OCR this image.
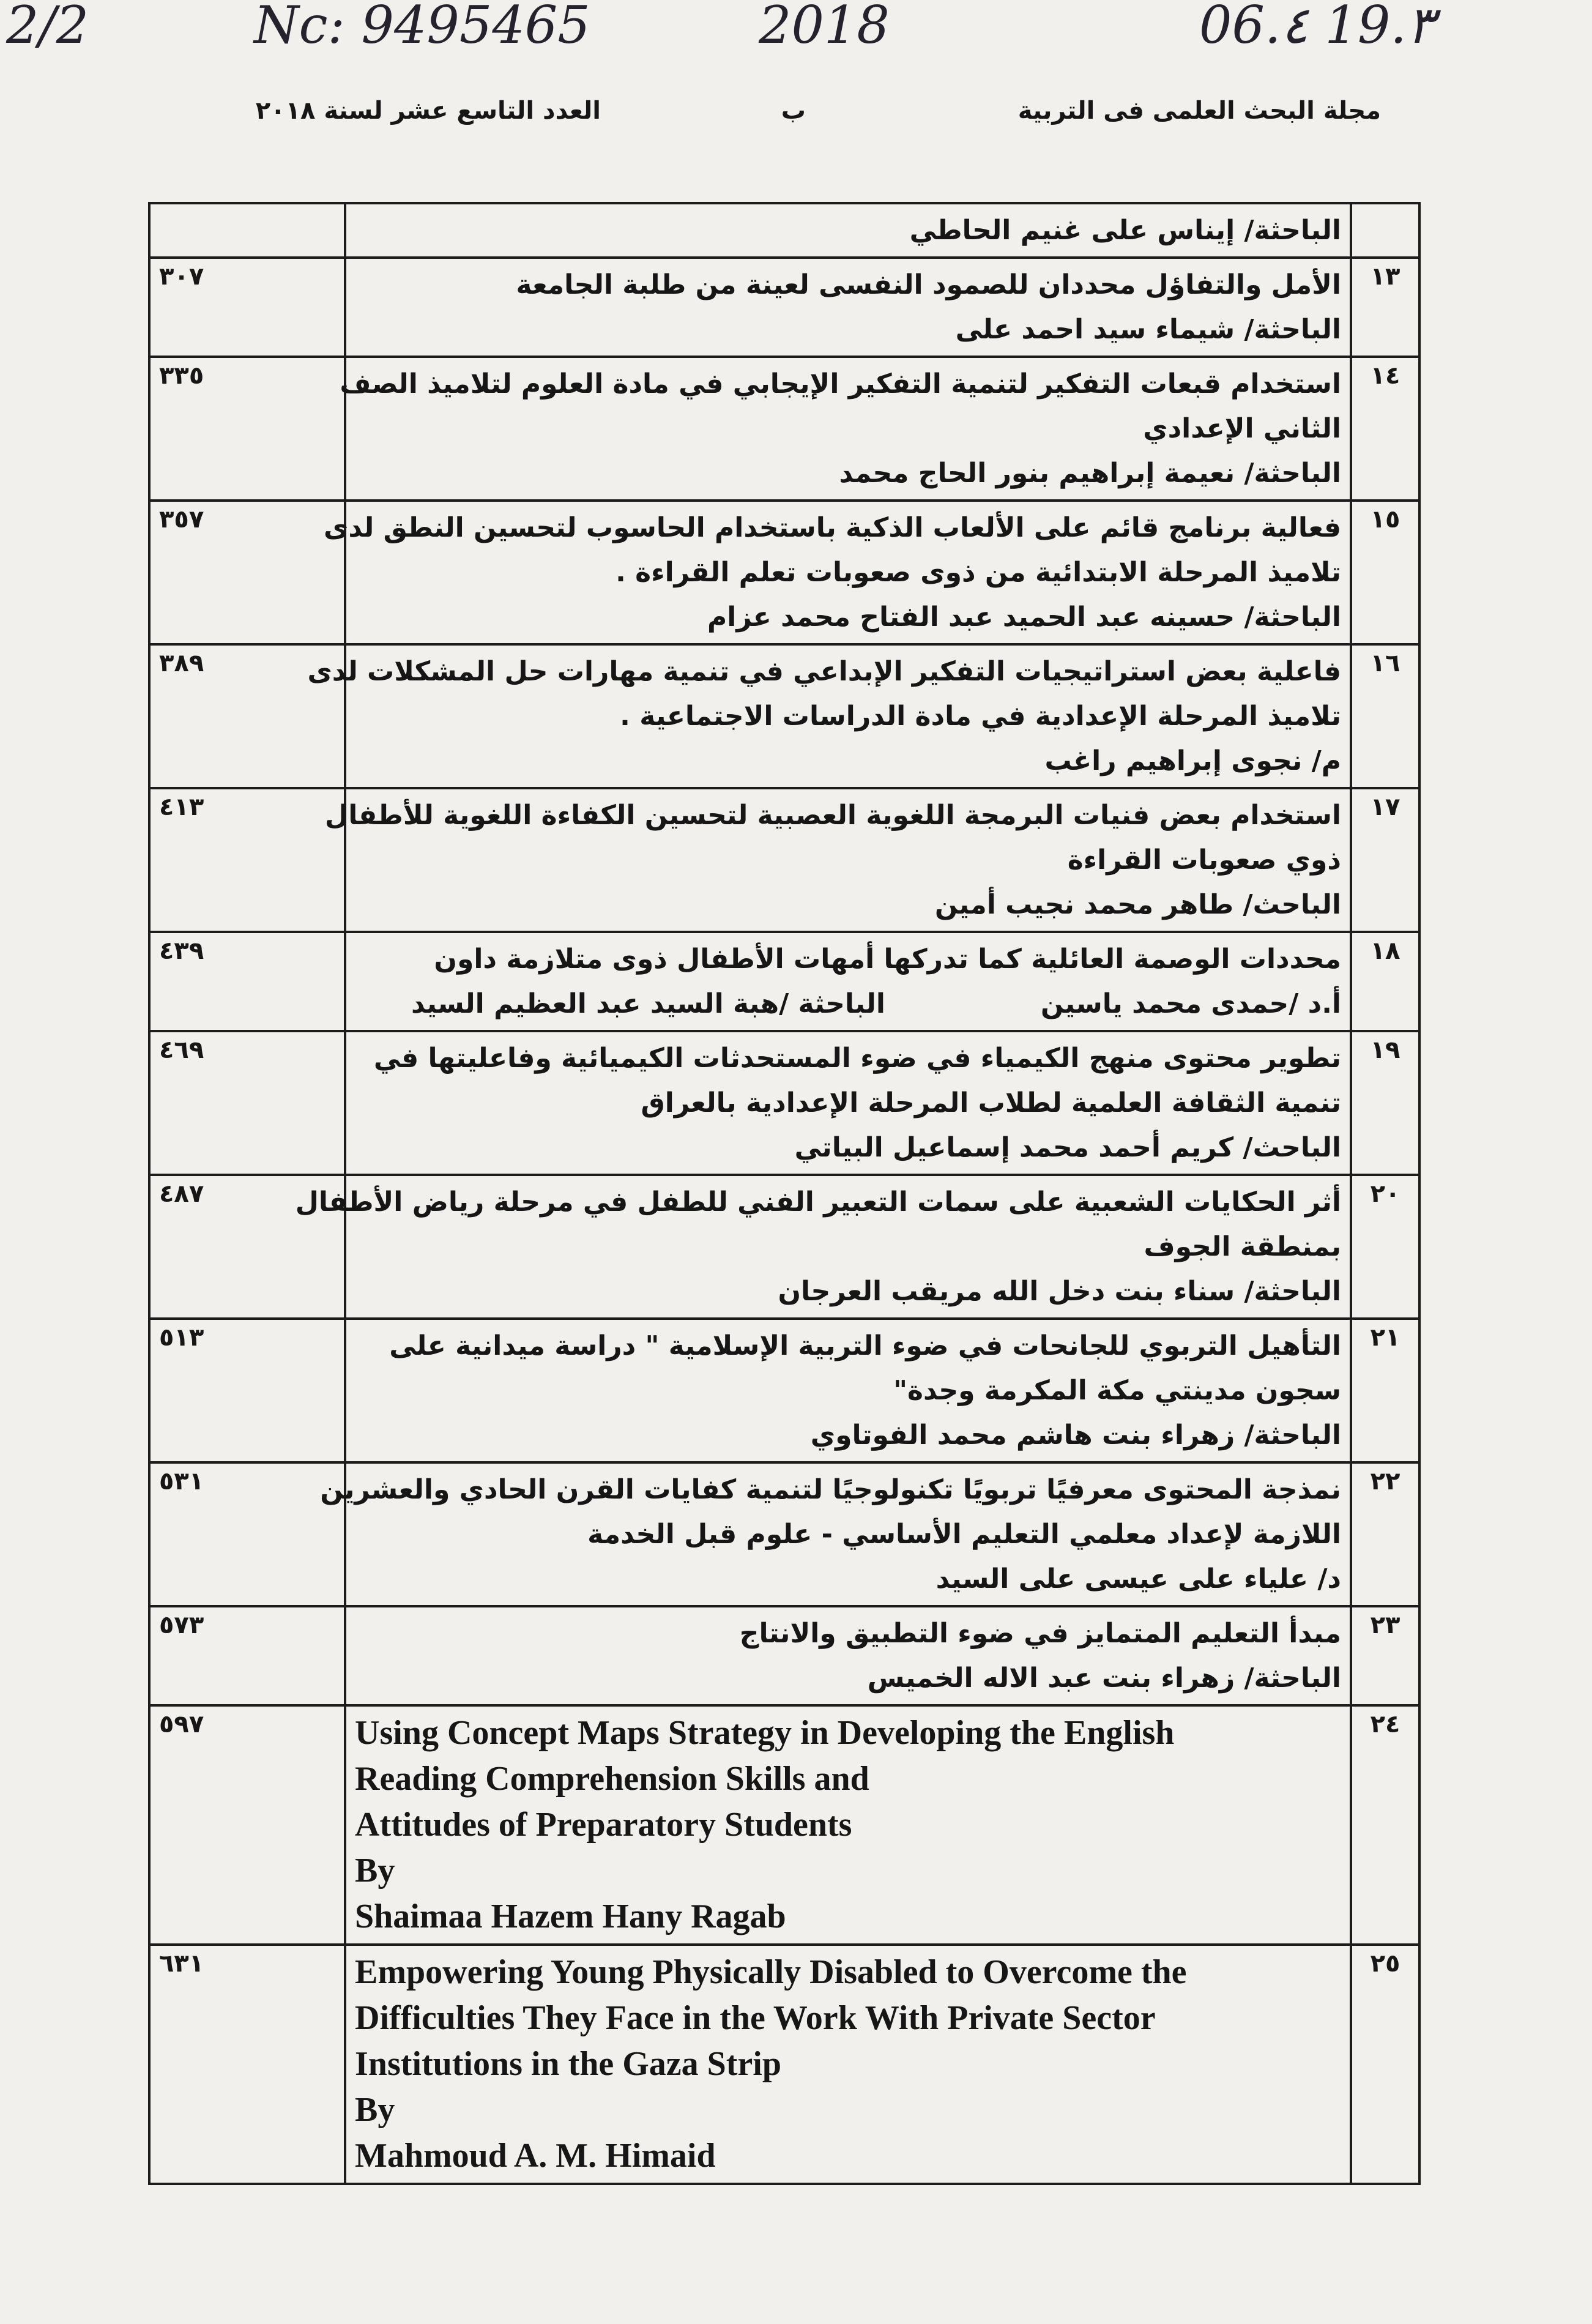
2/2	Nc: 9495465	2018	06.٤ 19.٣
مجلة البحث العلمى فى التربية
ب
العدد التاسع عشر لسنة ٢٠١٨

	الباحثة/ إيناس على غنيم الحاطي	

١٣	الأمل والتفاؤل محددان للصمود النفسى لعينة من طلبة الجامعة
الباحثة/ شيماء سيد احمد على	٣٠٧
١٤	استخدام قبعات التفكير لتنمية التفكير الإيجابي في مادة العلوم لتلاميذ الصف
الثاني الإعدادي
الباحثة/ نعيمة إبراهيم بنور الحاج محمد	٣٣٥
١٥	فعالية برنامج قائم على الألعاب الذكية باستخدام الحاسوب لتحسين النطق لدى
تلاميذ المرحلة الابتدائية من ذوى صعوبات تعلم القراءة .
الباحثة/ حسينه عبد الحميد عبد الفتاح محمد عزام	٣٥٧
١٦	فاعلية بعض استراتيجيات التفكير الإبداعي في تنمية مهارات حل المشكلات لدى
تلاميذ المرحلة الإعدادية في مادة الدراسات الاجتماعية .
م/ نجوى إبراهيم راغب	٣٨٩
١٧	استخدام بعض فنيات البرمجة اللغوية العصبية لتحسين الكفاءة اللغوية للأطفال
ذوي صعوبات القراءة
الباحث/ طاهر محمد نجيب أمين	٤١٣
١٨	محددات الوصمة العائلية كما تدركها أمهات الأطفال ذوى متلازمة داون
أ.د /حمدى محمد ياسين
الباحثة /هبة السيد عبد العظيم السيد	٤٣٩
١٩	تطوير محتوى منهج الكيمياء في ضوء المستحدثات الكيميائية وفاعليتها في
تنمية الثقافة العلمية لطلاب المرحلة الإعدادية بالعراق
الباحث/ كريم أحمد محمد إسماعيل البياتي	٤٦٩
٢٠	أثر الحكايات الشعبية على سمات التعبير الفني للطفل في مرحلة رياض الأطفال
بمنطقة الجوف
الباحثة/ سناء بنت دخل الله مريقب العرجان	٤٨٧
٢١	التأهيل التربوي للجانحات في ضوء التربية الإسلامية " دراسة ميدانية على
سجون مدينتي مكة المكرمة وجدة"
الباحثة/ زهراء بنت هاشم محمد الفوتاوي	٥١٣
٢٢	نمذجة المحتوى معرفيًا تربويًا تكنولوجيًا لتنمية كفايات القرن الحادي والعشرين
اللازمة لإعداد معلمي التعليم الأساسي - علوم قبل الخدمة
د/ علياء على عيسى على السيد	٥٣١
٢٣	مبدأ التعليم المتمايز في ضوء التطبيق والانتاج
الباحثة/ زهراء بنت عبد الاله الخميس	٥٧٣
٢٤	Using Concept Maps Strategy in Developing the English
Reading Comprehension Skills and
Attitudes of Preparatory Students
By
Shaimaa Hazem Hany Ragab	٥٩٧
٢٥	Empowering Young Physically Disabled to Overcome the
Difficulties They Face in the Work With Private Sector
Institutions in the Gaza Strip
By
Mahmoud A. M. Himaid	٦٣١
